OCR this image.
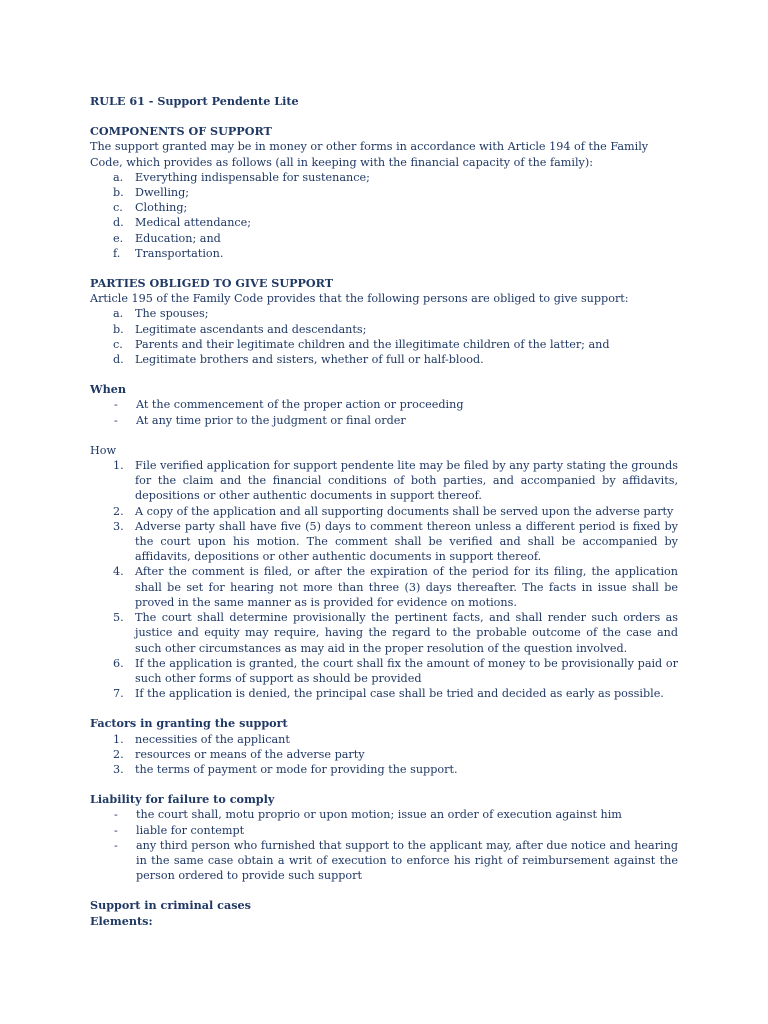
RULE 61 - Support Pendente Lite

COMPONENTS OF SUPPORT

The support granted may be in money or other forms in accordance with Article 194 of the Family Code, which provides as follows (all in keeping with the financial capacity of the family):

a.	Everything indispensable for sustenance;
b.	Dwelling;
c.	Clothing;
d.	Medical attendance;
e.	Education; and
f.	Transportation.

PARTIES OBLIGED TO GIVE SUPPORT

Article 195 of the Family Code provides that the following persons are obliged to give support:

a.	The spouses;
b.	Legitimate ascendants and descendants;
c.	Parents and their legitimate children and the illegitimate children of the latter; and
d.	Legitimate brothers and sisters, whether of full or half-blood.

When

-	At the commencement of the proper action or proceeding
-	At any time prior to the judgment or final order

How

1.	File verified application for support pendente lite may be filed by any party stating the grounds for the claim and the financial conditions of both parties, and accompanied by affidavits, depositions or other authentic documents in support thereof.
2.	A copy of the application and all supporting documents shall be served upon the adverse party
3.	Adverse party shall have five (5) days to comment thereon unless a different period is fixed by the court upon his motion. The comment shall be verified and shall be accompanied by affidavits, depositions or other authentic documents in support thereof.
4.	After the comment is filed, or after the expiration of the period for its filing, the application shall be set for hearing not more than three (3) days thereafter. The facts in issue shall be proved in the same manner as is provided for evidence on motions.
5.	The court shall determine provisionally the pertinent facts, and shall render such orders as justice and equity may require, having the regard to the probable outcome of the case and such other circumstances as may aid in the proper resolution of the question involved.
6.	If the application is granted, the court shall fix the amount of money to be provisionally paid or such other forms of support as should be provided
7.	If the application is denied, the principal case shall be tried and decided as early as possible.

Factors in granting the support

1.	necessities of the applicant
2.	resources or means of the adverse party
3.	the terms of payment or mode for providing the support.

Liability for failure to comply

-	the court shall, motu proprio or upon motion; issue an order of execution against him
-	liable for contempt
-	any third person who furnished that support to the applicant may, after due notice and hearing in the same case obtain a writ of execution to enforce his right of reimbursement against the person ordered to provide such support

Support in criminal cases

Elements:
